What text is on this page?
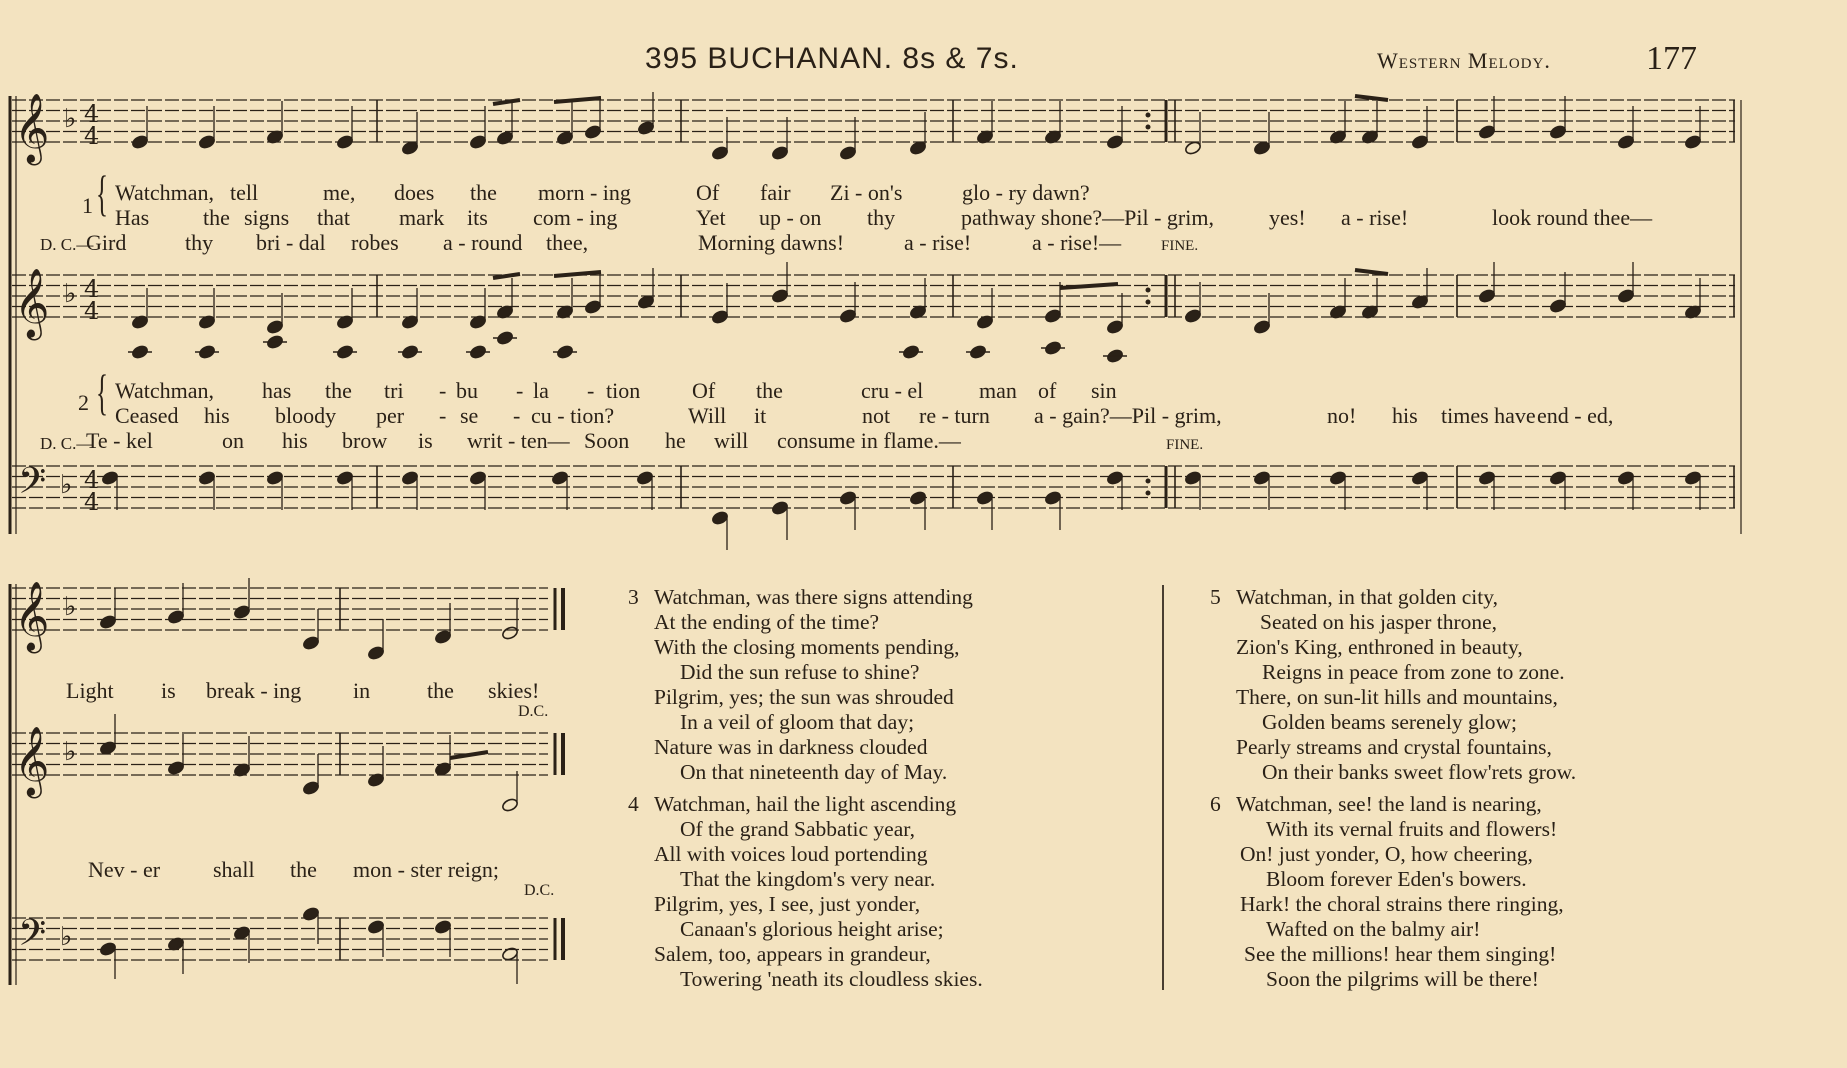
395 BUCHANAN. 8s & 7s.	Western Melody.	177
𝄞 ♭ 4
4
𝄞 ♭ 4
4
𝄢 ♭ 4
4
𝄞 ♭
𝄞 ♭
𝄢 ♭
1 { Watchman, tell	me, does the morn - ing	Of fair Zi - on's	glo - ry dawn?
Has the signs that mark its com - ing	Yet up - on thy	pathway shone?—Pil - grim,	yes! a - rise!	look round thee—
D. C.—
Gird	thy bri - dal robes a - round thee,	Morning dawns!	a - rise!	a - rise!—	FINE.
2 { Watchman, has the tri - bu - la - tion Of the	cru - el	man of sin
Ceased his bloody per - se - cu - tion?	Will it	not re - turn a - gain?—Pil - grim,	no! his times have end - ed,
D. C.—
Te - kel	on his brow is writ - ten— Soon he will consume in flame.—	FINE.
Light is break - ing in	the skies!
D.C.
Nev - er shall the mon - ster reign;
D.C.
3 Watchman, was there signs attending
At the ending of the time?
With the closing moments pending,
Did the sun refuse to shine?
Pilgrim, yes; the sun was shrouded
In a veil of gloom that day;
Nature was in darkness clouded
On that nineteenth day of May.
4 Watchman, hail the light ascending
Of the grand Sabbatic year,
All with voices loud portending
That the kingdom's very near.
Pilgrim, yes, I see, just yonder,
Canaan's glorious height arise;
Salem, too, appears in grandeur,
Towering 'neath its cloudless skies.
5 Watchman, in that golden city,
Seated on his jasper throne,
Zion's King, enthroned in beauty,
Reigns in peace from zone to zone.
There, on sun-lit hills and mountains,
Golden beams serenely glow;
Pearly streams and crystal fountains,
On their banks sweet flow'rets grow.
6 Watchman, see! the land is nearing,
With its vernal fruits and flowers!
On! just yonder, O, how cheering,
Bloom forever Eden's bowers.
Hark! the choral strains there ringing,
Wafted on the balmy air!
See the millions! hear them singing!
Soon the pilgrims will be there!
